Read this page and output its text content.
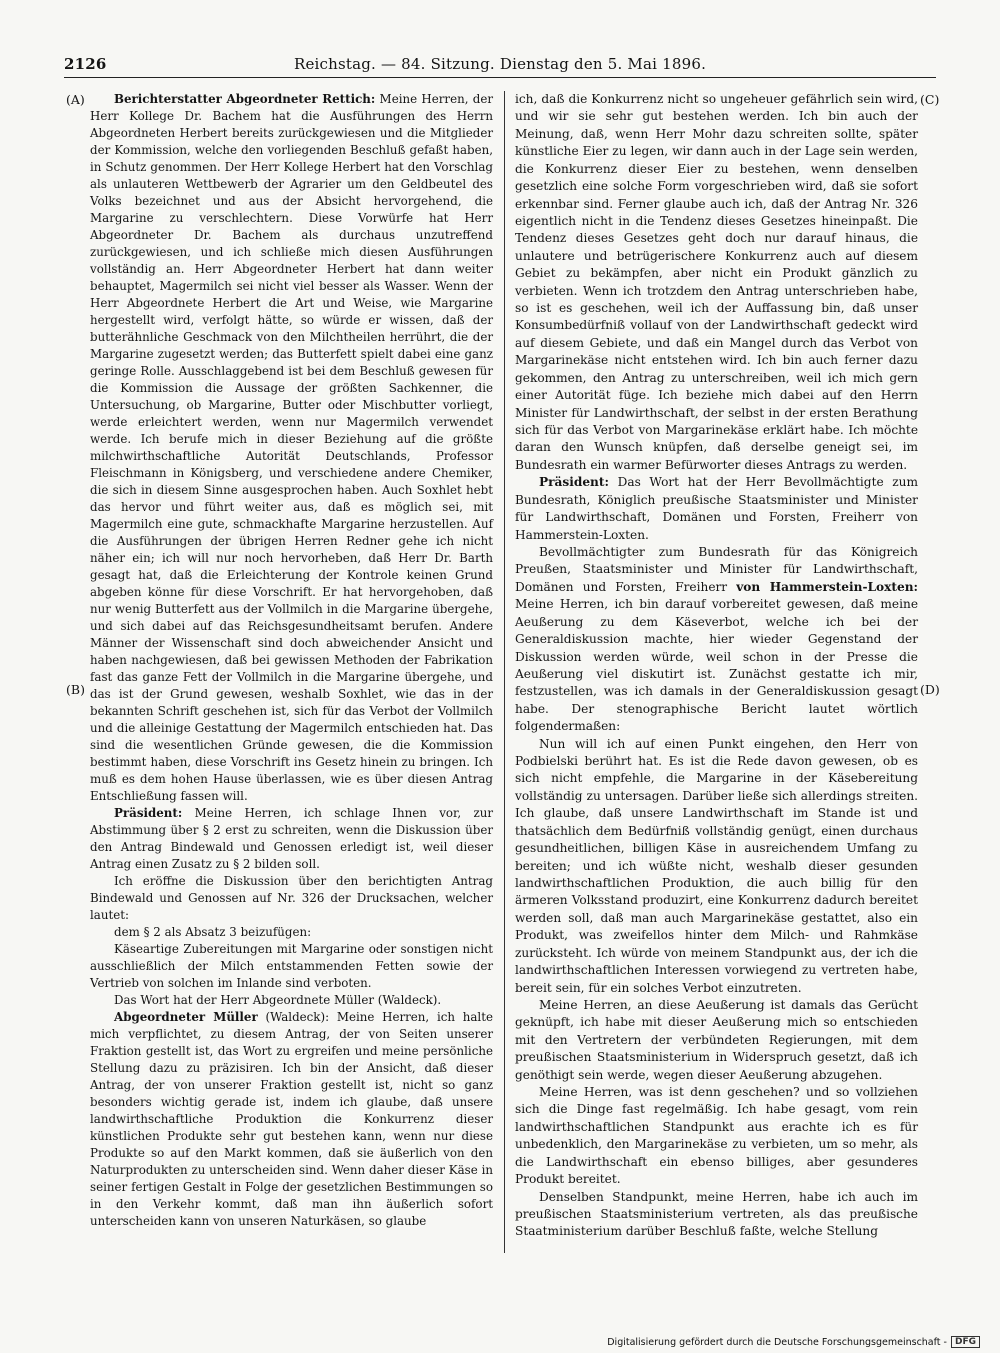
2126	Reichstag. — 84. Sitzung. Dienstag den 5. Mai 1896.
(A)
(B)
(C)
(D)

Berichterstatter Abgeordneter Rettich: Meine Herren, der Herr Kollege Dr. Bachem hat die Ausführungen des Herrn Abgeordneten Herbert bereits zurückgewiesen und die Mitglieder der Kommission, welche den vorliegenden Beschluß gefaßt haben, in Schutz genommen. Der Herr Kollege Herbert hat den Vorschlag als unlauteren Wettbewerb der Agrarier um den Geldbeutel des Volks bezeichnet und aus der Absicht hervorgehend, die Margarine zu verschlechtern. Diese Vorwürfe hat Herr Abgeordneter Dr. Bachem als durchaus unzutreffend zurückgewiesen, und ich schließe mich diesen Ausführungen vollständig an. Herr Abgeordneter Herbert hat dann weiter behauptet, Magermilch sei nicht viel besser als Wasser. Wenn der Herr Abgeordnete Herbert die Art und Weise, wie Margarine hergestellt wird, verfolgt hätte, so würde er wissen, daß der butterähnliche Geschmack von den Milchtheilen herrührt, die der Margarine zugesetzt werden; das Butterfett spielt dabei eine ganz geringe Rolle. Ausschlaggebend ist bei dem Beschluß gewesen für die Kommission die Aussage der größten Sachkenner, die Untersuchung, ob Margarine, Butter oder Mischbutter vorliegt, werde erleichtert werden, wenn nur Magermilch verwendet werde. Ich berufe mich in dieser Beziehung auf die größte milchwirthschaftliche Autorität Deutschlands, Professor Fleischmann in Königsberg, und verschiedene andere Chemiker, die sich in diesem Sinne ausgesprochen haben. Auch Soxhlet hebt das hervor und führt weiter aus, daß es möglich sei, mit Magermilch eine gute, schmackhafte Margarine herzustellen. Auf die Ausführungen der übrigen Herren Redner gehe ich nicht näher ein; ich will nur noch hervorheben, daß Herr Dr. Barth gesagt hat, daß die Erleichterung der Kontrole keinen Grund abgeben könne für diese Vorschrift. Er hat hervorgehoben, daß nur wenig Butterfett aus der Vollmilch in die Margarine übergehe, und sich dabei auf das Reichsgesundheitsamt berufen. Andere Männer der Wissenschaft sind doch abweichender Ansicht und haben nachgewiesen, daß bei gewissen Methoden der Fabrikation fast das ganze Fett der Vollmilch in die Margarine übergehe, und das ist der Grund gewesen, weshalb Soxhlet, wie das in der bekannten Schrift geschehen ist, sich für das Verbot der Vollmilch und die alleinige Gestattung der Magermilch entschieden hat. Das sind die wesentlichen Gründe gewesen, die die Kommission bestimmt haben, diese Vorschrift ins Gesetz hinein zu bringen. Ich muß es dem hohen Hause überlassen, wie es über diesen Antrag Entschließung fassen will.

Präsident: Meine Herren, ich schlage Ihnen vor, zur Abstimmung über § 2 erst zu schreiten, wenn die Diskussion über den Antrag Bindewald und Genossen erledigt ist, weil dieser Antrag einen Zusatz zu § 2 bilden soll.

Ich eröffne die Diskussion über den berichtigten Antrag Bindewald und Genossen auf Nr. 326 der Drucksachen, welcher lautet:

dem § 2 als Absatz 3 beizufügen:

Käseartige Zubereitungen mit Margarine oder sonstigen nicht ausschließlich der Milch entstammenden Fetten sowie der Vertrieb von solchen im Inlande sind verboten.

Das Wort hat der Herr Abgeordnete Müller (Waldeck).

Abgeordneter Müller (Waldeck): Meine Herren, ich halte mich verpflichtet, zu diesem Antrag, der von Seiten unserer Fraktion gestellt ist, das Wort zu ergreifen und meine persönliche Stellung dazu zu präzisiren. Ich bin der Ansicht, daß dieser Antrag, der von unserer Fraktion gestellt ist, nicht so ganz besonders wichtig gerade ist, indem ich glaube, daß unsere landwirthschaftliche Produktion die Konkurrenz dieser künstlichen Produkte sehr gut bestehen kann, wenn nur diese Produkte so auf den Markt kommen, daß sie äußerlich von den Naturprodukten zu unterscheiden sind. Wenn daher dieser Käse in seiner fertigen Gestalt in Folge der gesetzlichen Bestimmungen so in den Verkehr kommt, daß man ihn äußerlich sofort unterscheiden kann von unseren Naturkäsen, so glaube

ich, daß die Konkurrenz nicht so ungeheuer gefährlich sein wird, und wir sie sehr gut bestehen werden. Ich bin auch der Meinung, daß, wenn Herr Mohr dazu schreiten sollte, später künstliche Eier zu legen, wir dann auch in der Lage sein werden, die Konkurrenz dieser Eier zu bestehen, wenn denselben gesetzlich eine solche Form vorgeschrieben wird, daß sie sofort erkennbar sind. Ferner glaube auch ich, daß der Antrag Nr. 326 eigentlich nicht in die Tendenz dieses Gesetzes hineinpaßt. Die Tendenz dieses Gesetzes geht doch nur darauf hinaus, die unlautere und betrügerischere Konkurrenz auch auf diesem Gebiet zu bekämpfen, aber nicht ein Produkt gänzlich zu verbieten. Wenn ich trotzdem den Antrag unterschrieben habe, so ist es geschehen, weil ich der Auffassung bin, daß unser Konsumbedürfniß vollauf von der Landwirthschaft gedeckt wird auf diesem Gebiete, und daß ein Mangel durch das Verbot von Margarinekäse nicht entstehen wird. Ich bin auch ferner dazu gekommen, den Antrag zu unterschreiben, weil ich mich gern einer Autorität füge. Ich beziehe mich dabei auf den Herrn Minister für Landwirthschaft, der selbst in der ersten Berathung sich für das Verbot von Margarinekäse erklärt habe. Ich möchte daran den Wunsch knüpfen, daß derselbe geneigt sei, im Bundesrath ein warmer Befürworter dieses Antrags zu werden.

Präsident: Das Wort hat der Herr Bevollmächtigte zum Bundesrath, Königlich preußische Staatsminister und Minister für Landwirthschaft, Domänen und Forsten, Freiherr von Hammerstein-Loxten.

Bevollmächtigter zum Bundesrath für das Königreich Preußen, Staatsminister und Minister für Landwirthschaft, Domänen und Forsten, Freiherr von Hammerstein-Loxten: Meine Herren, ich bin darauf vorbereitet gewesen, daß meine Aeußerung zu dem Käseverbot, welche ich bei der Generaldiskussion machte, hier wieder Gegenstand der Diskussion werden würde, weil schon in der Presse die Aeußerung viel diskutirt ist. Zunächst gestatte ich mir, festzustellen, was ich damals in der Generaldiskussion gesagt habe. Der stenographische Bericht lautet wörtlich folgendermaßen:

Nun will ich auf einen Punkt eingehen, den Herr von Podbielski berührt hat. Es ist die Rede davon gewesen, ob es sich nicht empfehle, die Margarine in der Käsebereitung vollständig zu untersagen. Darüber ließe sich allerdings streiten. Ich glaube, daß unsere Landwirthschaft im Stande ist und thatsächlich dem Bedürfniß vollständig genügt, einen durchaus gesundheitlichen, billigen Käse in ausreichendem Umfang zu bereiten; und ich wüßte nicht, weshalb dieser gesunden landwirthschaftlichen Produktion, die auch billig für den ärmeren Volksstand produzirt, eine Konkurrenz dadurch bereitet werden soll, daß man auch Margarinekäse gestattet, also ein Produkt, was zweifellos hinter dem Milch- und Rahmkäse zurücksteht. Ich würde von meinem Standpunkt aus, der ich die landwirthschaftlichen Interessen vorwiegend zu vertreten habe, bereit sein, für ein solches Verbot einzutreten.

Meine Herren, an diese Aeußerung ist damals das Gerücht geknüpft, ich habe mit dieser Aeußerung mich so entschieden mit den Vertretern der verbündeten Regierungen, mit dem preußischen Staatsministerium in Widerspruch gesetzt, daß ich genöthigt sein werde, wegen dieser Aeußerung abzugehen.

Meine Herren, was ist denn geschehen? und so vollziehen sich die Dinge fast regelmäßig. Ich habe gesagt, vom rein landwirthschaftlichen Standpunkt aus erachte ich es für unbedenklich, den Margarinekäse zu verbieten, um so mehr, als die Landwirthschaft ein ebenso billiges, aber gesunderes Produkt bereitet.

Denselben Standpunkt, meine Herren, habe ich auch im preußischen Staatsministerium vertreten, als das preußische Staatministerium darüber Beschluß faßte, welche Stellung

Digitalisierung gefördert durch die Deutsche Forschungsgemeinschaft - DFG
